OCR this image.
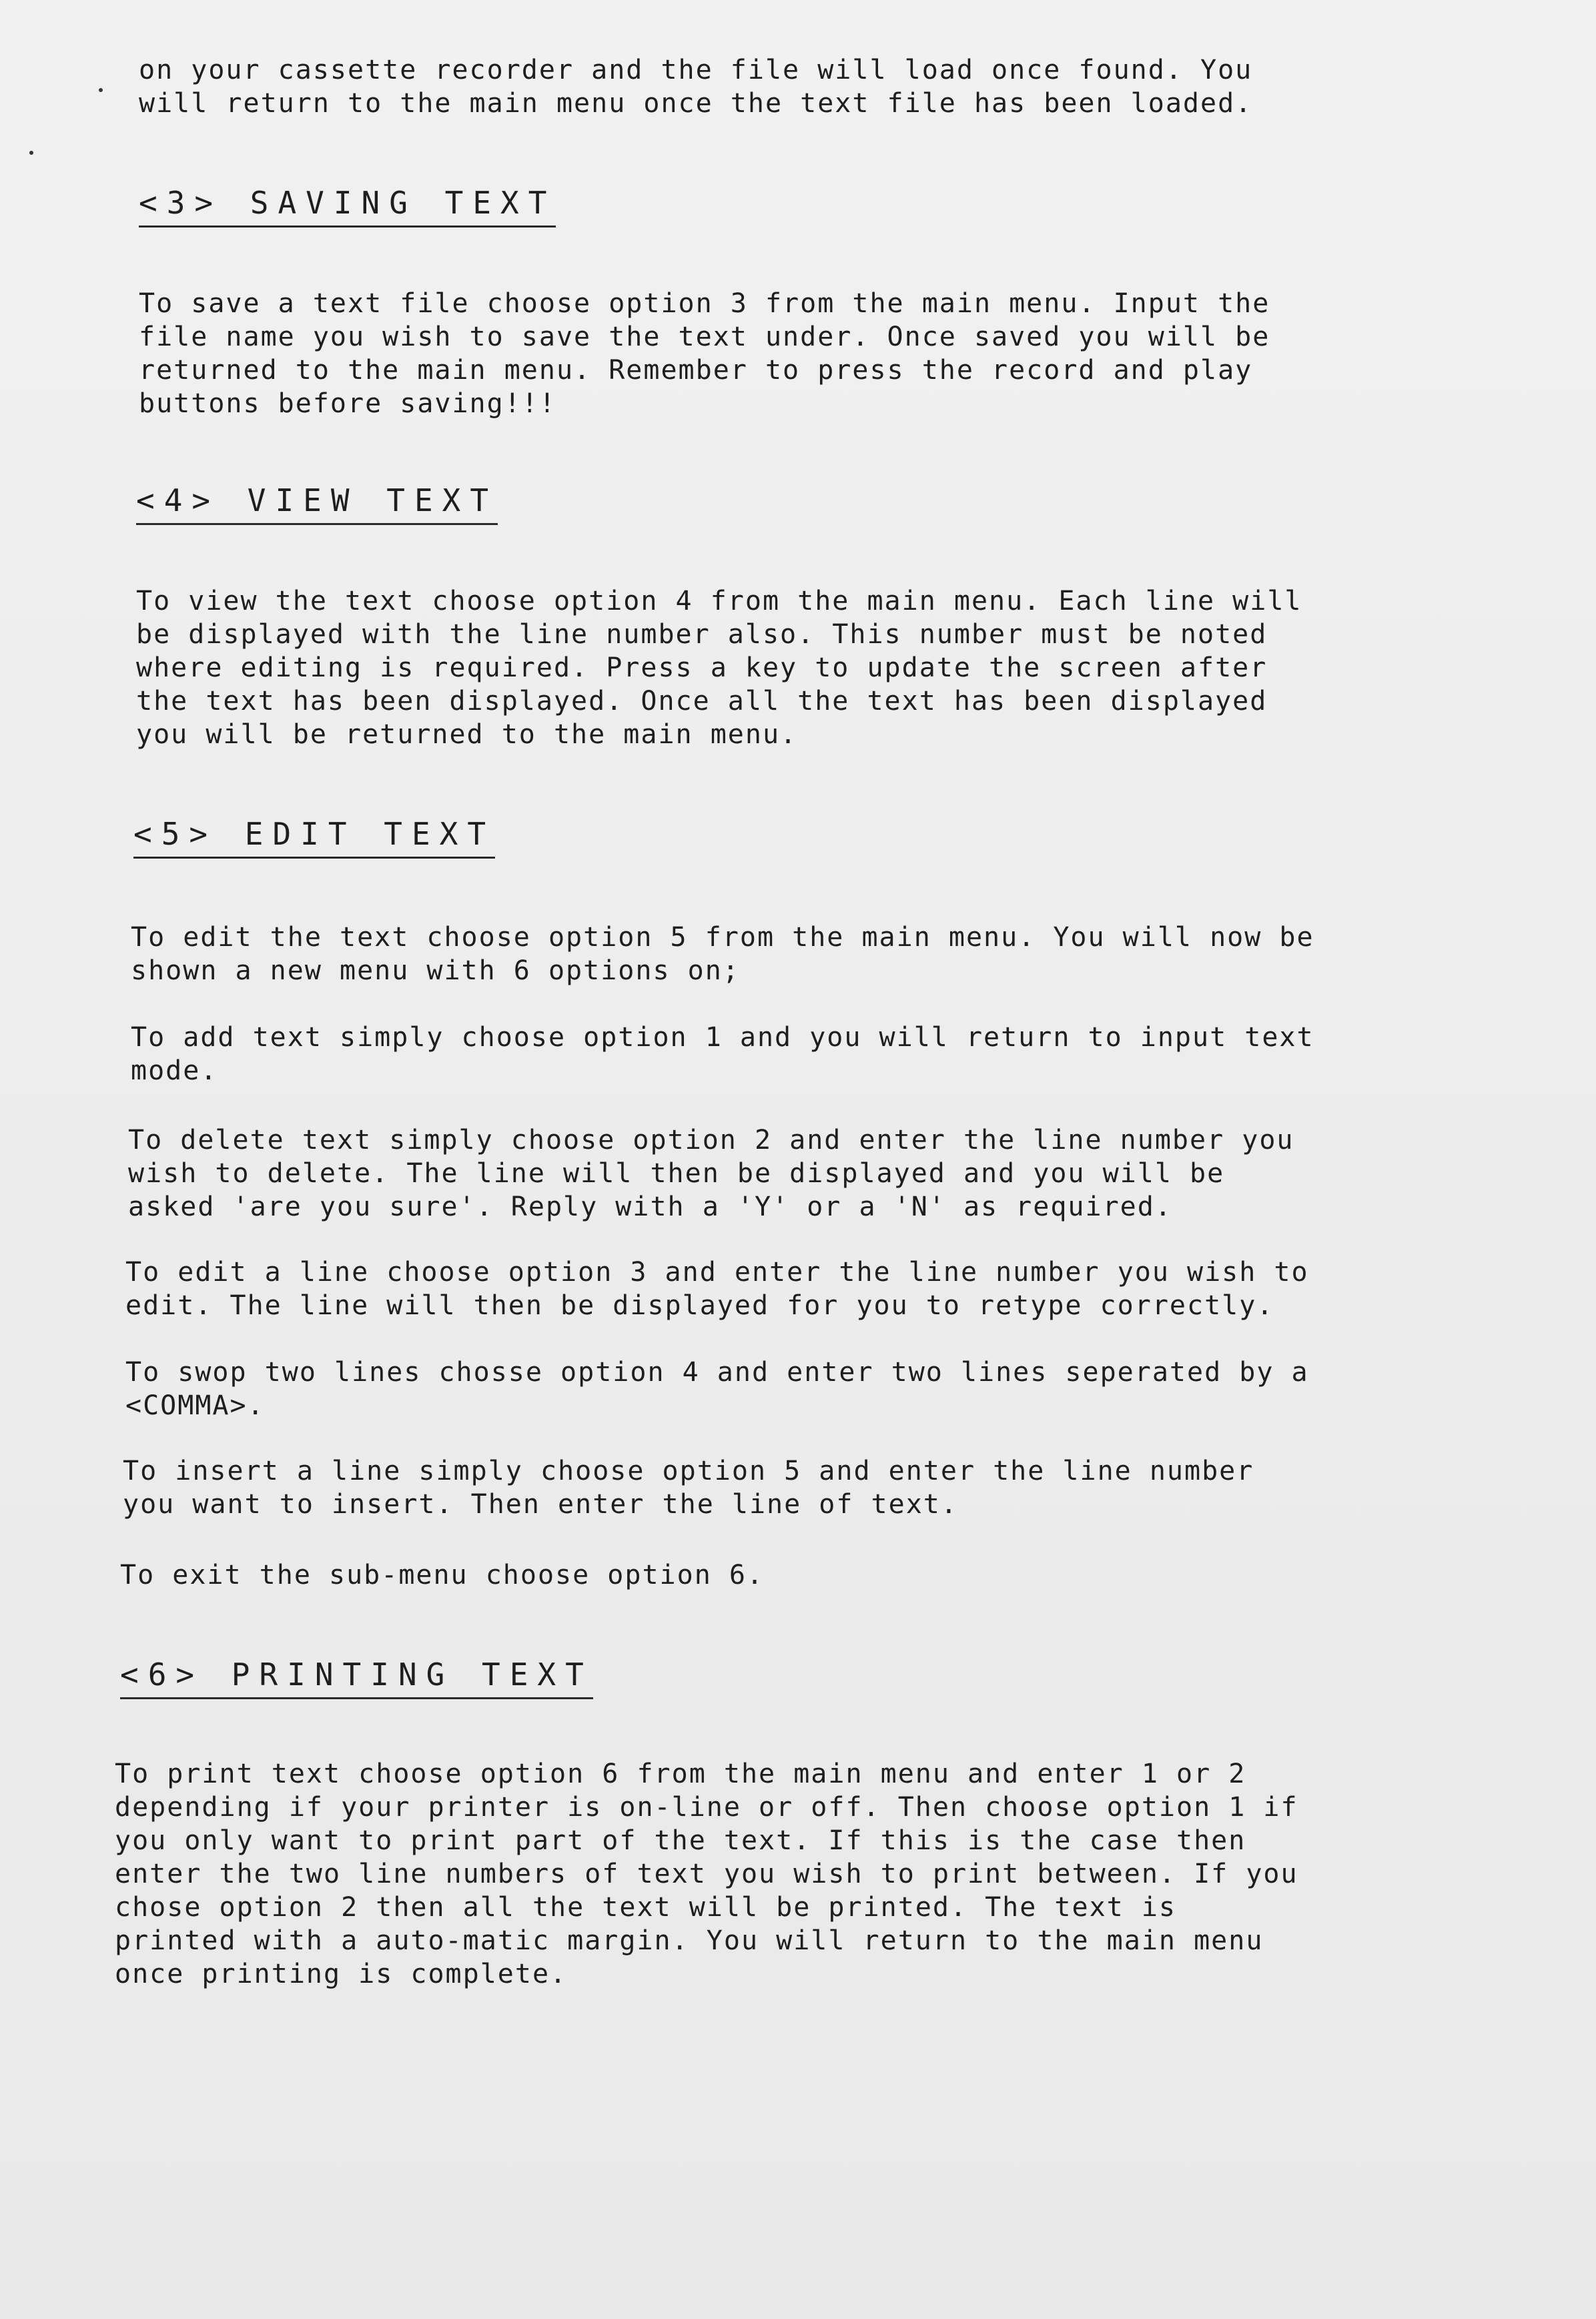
on your cassette recorder and the file will load once found. You
will return to the main menu once the text file has been loaded.

<3> SAVING TEXT

To save a text file choose option 3 from the main menu. Input the
file name you wish to save the text under. Once saved you will be
returned to the main menu. Remember to press the record and play
buttons before saving!!!

<4> VIEW TEXT

To view the text choose option 4 from the main menu. Each line will
be displayed with the line number also. This number must be noted
where editing is required. Press a key to update the screen after
the text has been displayed. Once all the text has been displayed
you will be returned to the main menu.

<5> EDIT TEXT

To edit the text choose option 5 from the main menu. You will now be
shown a new menu with 6 options on;

To add text simply choose option 1 and you will return to input text
mode.

To delete text simply choose option 2 and enter the line number you
wish to delete. The line will then be displayed and you will be
asked 'are you sure'. Reply with a 'Y' or a 'N' as required.

To edit a line choose option 3 and enter the line number you wish to
edit. The line will then be displayed for you to retype correctly.

To swop two lines chosse option 4 and enter two lines seperated by a
<COMMA>.

To insert a line simply choose option 5 and enter the line number
you want to insert. Then enter the line of text.

To exit the sub-menu choose option 6.

<6> PRINTING TEXT

To print text choose option 6 from the main menu and enter 1 or 2
depending if your printer is on-line or off. Then choose option 1 if
you only want to print part of the text. If this is the case then
enter the two line numbers of text you wish to print between. If you
chose option 2 then all the text will be printed. The text is
printed with a auto-matic margin. You will return to the main menu
once printing is complete.
